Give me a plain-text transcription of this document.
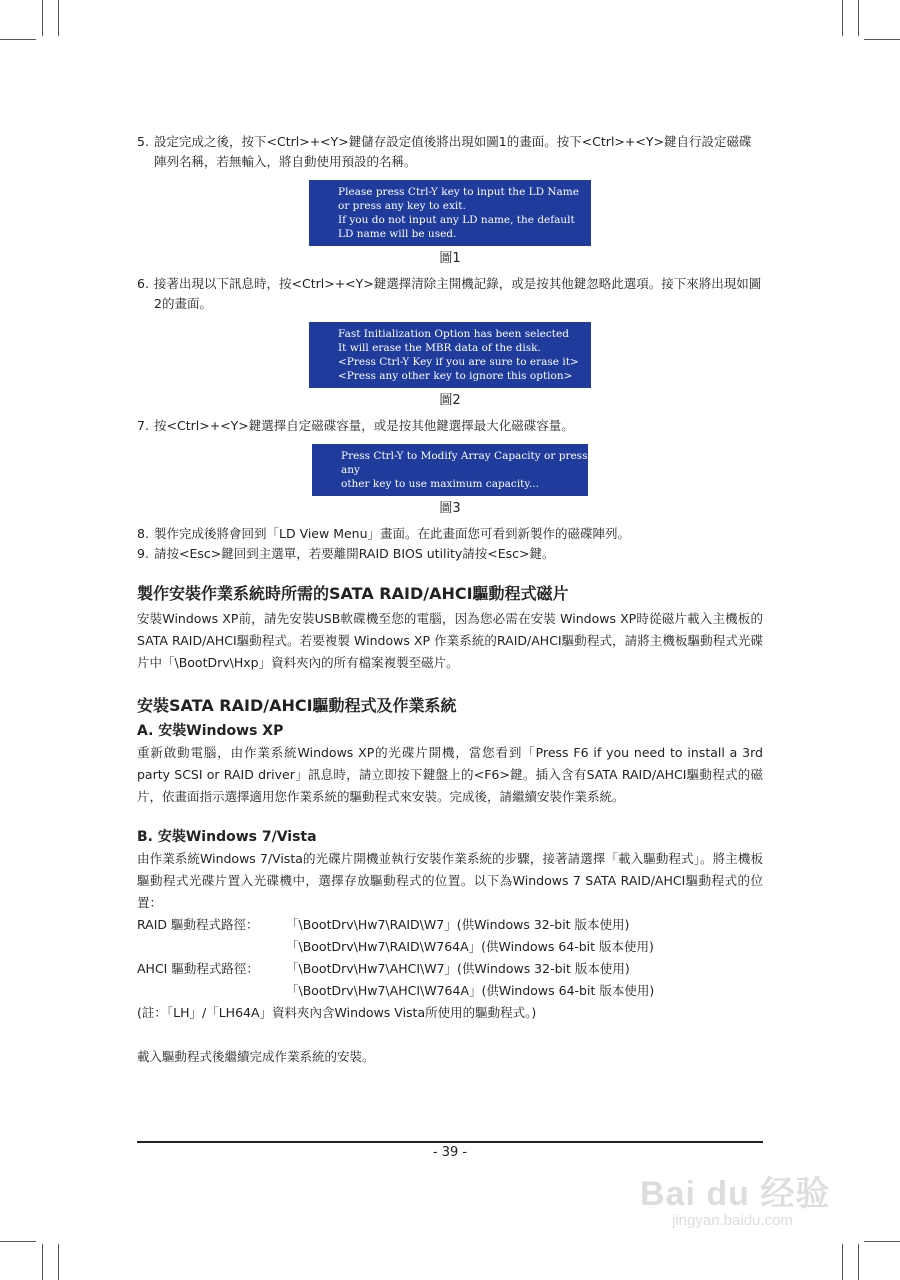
5. 設定完成之後，按下<Ctrl>+<Y>鍵儲存設定值後將出現如圖1的畫面。按下<Ctrl>+<Y>鍵自行設定磁碟陣列名稱，若無輸入，將自動使用預設的名稱。
Please press Ctrl-Y key to input the LD Name
or press any key to exit.
If you do not input any LD name, the default
LD name will be used.
圖1
6. 接著出現以下訊息時，按<Ctrl>+<Y>鍵選擇清除主開機記錄，或是按其他鍵忽略此選項。接下來將出現如圖2的畫面。
Fast Initialization Option has been selected
It will erase the MBR data of the disk.
<Press Ctrl-Y Key if you are sure to erase it>
<Press any other key to ignore this option>
圖2
7. 按<Ctrl>+<Y>鍵選擇自定磁碟容量，或是按其他鍵選擇最大化磁碟容量。
Press Ctrl-Y to Modify Array Capacity or press any
other key to use maximum capacity...
圖3
8. 製作完成後將會回到「LD View Menu」畫面。在此畫面您可看到新製作的磁碟陣列。
9. 請按<Esc>鍵回到主選單，若要離開RAID BIOS utility請按<Esc>鍵。
製作安裝作業系統時所需的SATA RAID/AHCI驅動程式磁片

安裝Windows XP前，請先安裝USB軟碟機至您的電腦，因為您必需在安裝 Windows XP時從磁片載入主機板的SATA RAID/AHCI驅動程式。若要複製 Windows XP 作業系統的RAID/AHCI驅動程式，請將主機板驅動程式光碟片中「\BootDrv\Hxp」資料夾內的所有檔案複製至磁片。

安裝SATA RAID/AHCI驅動程式及作業系統
A. 安裝Windows XP

重新啟動電腦，由作業系統Windows XP的光碟片開機，當您看到「Press F6 if you need to install a 3rd party SCSI or RAID driver」訊息時，請立即按下鍵盤上的<F6>鍵。插入含有SATA RAID/AHCI驅動程式的磁片，依畫面指示選擇適用您作業系統的驅動程式來安裝。完成後，請繼續安裝作業系統。

B. 安裝Windows 7/Vista

由作業系統Windows 7/Vista的光碟片開機並執行安裝作業系統的步驟，接著請選擇「載入驅動程式」。將主機板驅動程式光碟片置入光碟機中，選擇存放驅動程式的位置。以下為Windows 7 SATA RAID/AHCI驅動程式的位置：

RAID 驅動程式路徑： 「\BootDrv\Hw7\RAID\W7」(供Windows 32-bit 版本使用)
「\BootDrv\Hw7\RAID\W764A」(供Windows 64-bit 版本使用)
AHCI 驅動程式路徑： 「\BootDrv\Hw7\AHCI\W7」(供Windows 32-bit 版本使用)
「\BootDrv\Hw7\AHCI\W764A」(供Windows 64-bit 版本使用)

(註：「LH」/「LH64A」資料夾內含Windows Vista所使用的驅動程式。)

載入驅動程式後繼續完成作業系統的安裝。

- 39 -
Bai du 经验
jingyan.baidu.com
